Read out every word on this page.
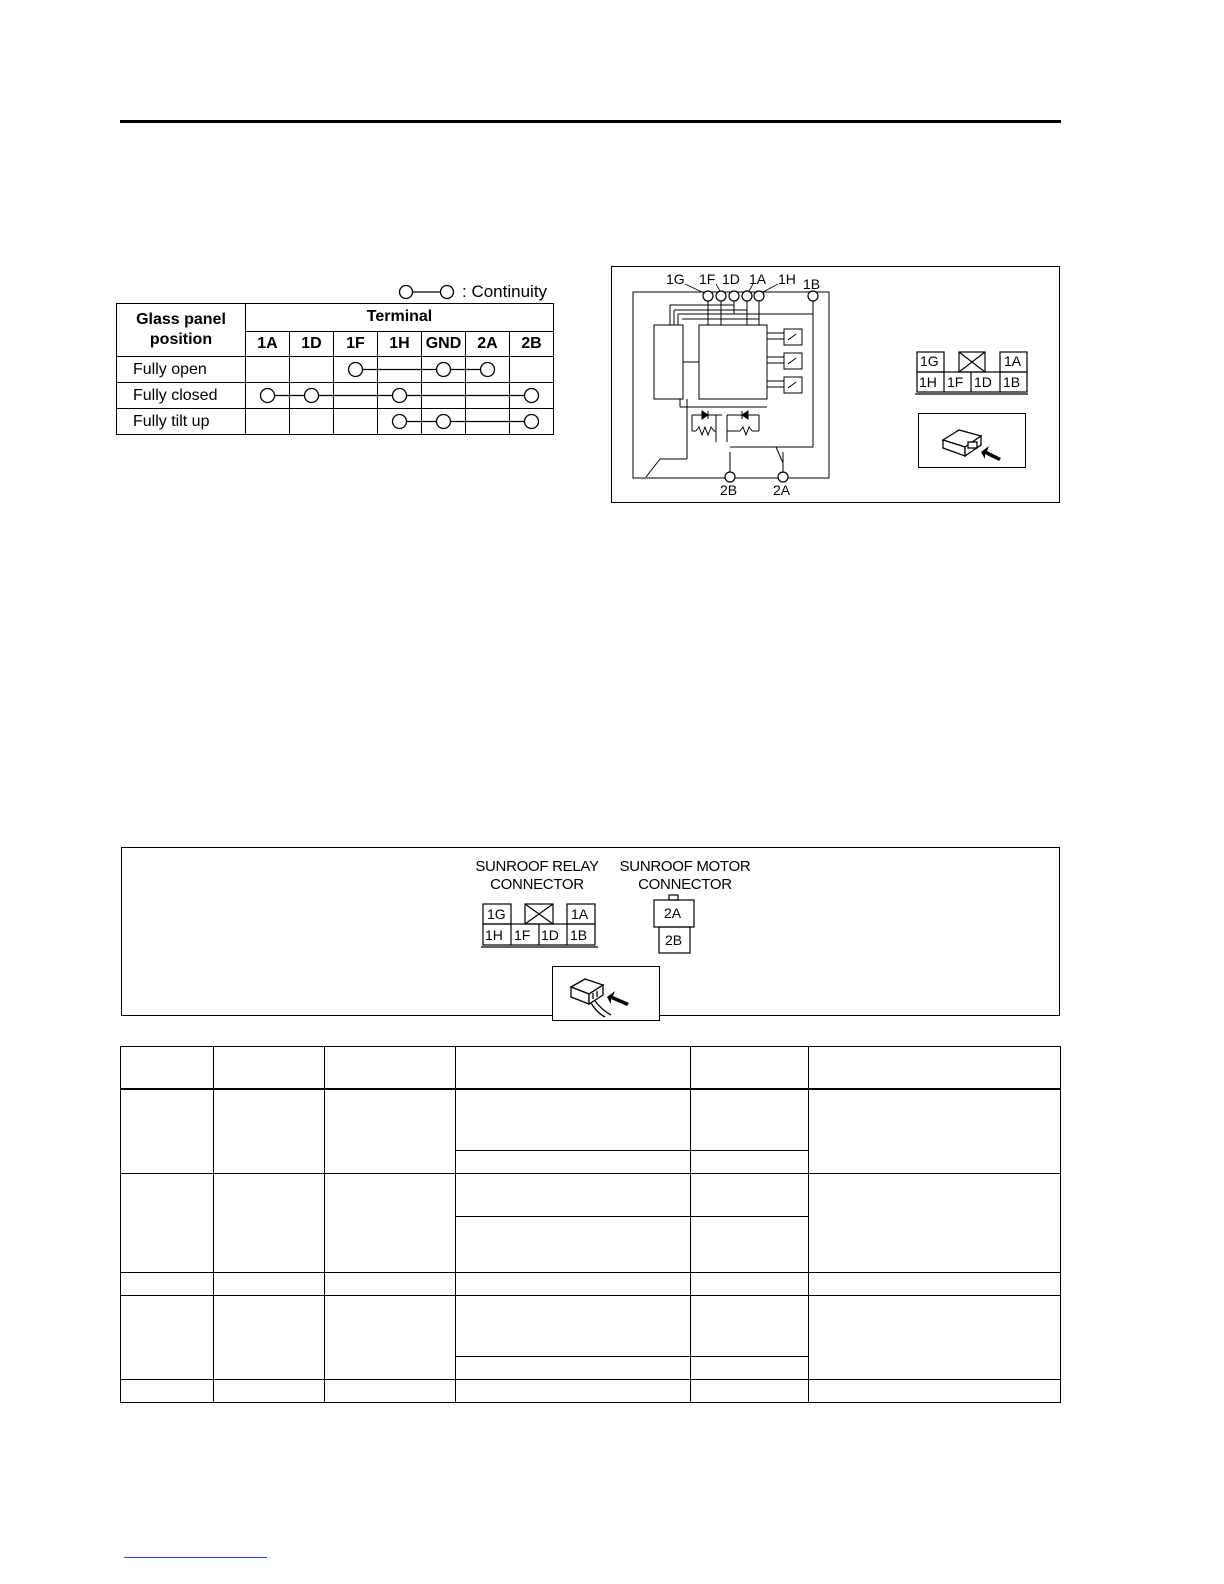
: Continuity
Glass panel position	Terminal						
	1A	1D	1F	1H	GND	2A	2B
Fully open							
Fully closed							
Fully tilt up							
1G 1F 1D 1A 1H 1B
2B	2A
1G	1A
1H 1F 1D 1B
SUNROOF RELAY
CONNECTOR
SUNROOF MOTOR
CONNECTOR
1G	1A
1H 1F 1D 1B
2A
2B
